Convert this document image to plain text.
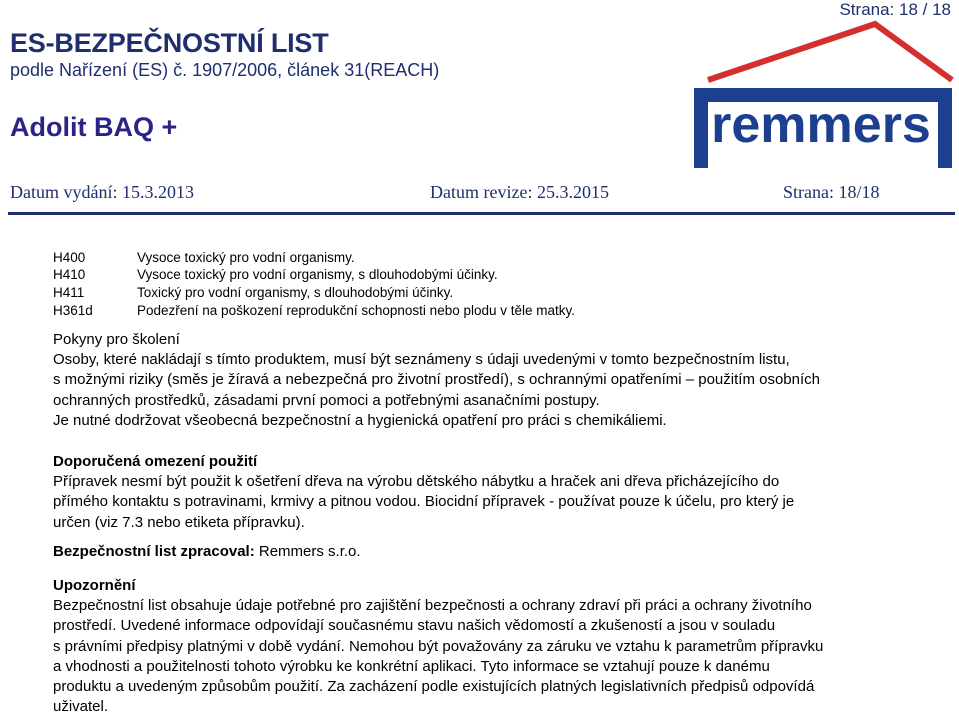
Strana: 18 / 18
ES-BEZPEČNOSTNÍ LIST
podle Nařízení (ES) č. 1907/2006, článek 31(REACH)
Adolit BAQ +	remmers
Datum vydání: 15.3.2013	Datum revize: 25.3.2015	Strana: 18/18
H400	Vysoce toxický pro vodní organismy.
H410	Vysoce toxický pro vodní organismy, s dlouhodobými účinky.
H411	Toxický pro vodní organismy, s dlouhodobými účinky.
H361d	Podezření na poškození reprodukční schopnosti nebo plodu v těle matky.
Pokyny pro školení
Osoby, které nakládají s tímto produktem, musí být seznámeny s údaji uvedenými v tomto bezpečnostním listu,
s možnými riziky (směs je žíravá a nebezpečná pro životní prostředí), s ochrannými opatřeními – použitím osobních
ochranných prostředků, zásadami první pomoci a potřebnými asanačními postupy.
Je nutné dodržovat všeobecná bezpečnostní a hygienická opatření pro práci s chemikáliemi.
Doporučená omezení použití
Přípravek nesmí být použit k ošetření dřeva na výrobu dětského nábytku a hraček ani dřeva přicházejícího do
přímého kontaktu s potravinami, krmivy a pitnou vodou. Biocidní přípravek - používat pouze k účelu, pro který je
určen (viz 7.3 nebo etiketa přípravku).
Bezpečnostní list zpracoval: Remmers s.r.o.
Upozornění
Bezpečnostní list obsahuje údaje potřebné pro zajištění bezpečnosti a ochrany zdraví při práci a ochrany životního
prostředí. Uvedené informace odpovídají současnému stavu našich vědomostí a zkušeností a jsou v souladu
s právními předpisy platnými v době vydání. Nemohou být považovány za záruku ve vztahu k parametrům přípravku
a vhodnosti a použitelnosti tohoto výrobku ke konkrétní aplikaci. Tyto informace se vztahují pouze k danému
produktu a uvedeným způsobům použití. Za zacházení podle existujících platných legislativních předpisů odpovídá
uživatel.
